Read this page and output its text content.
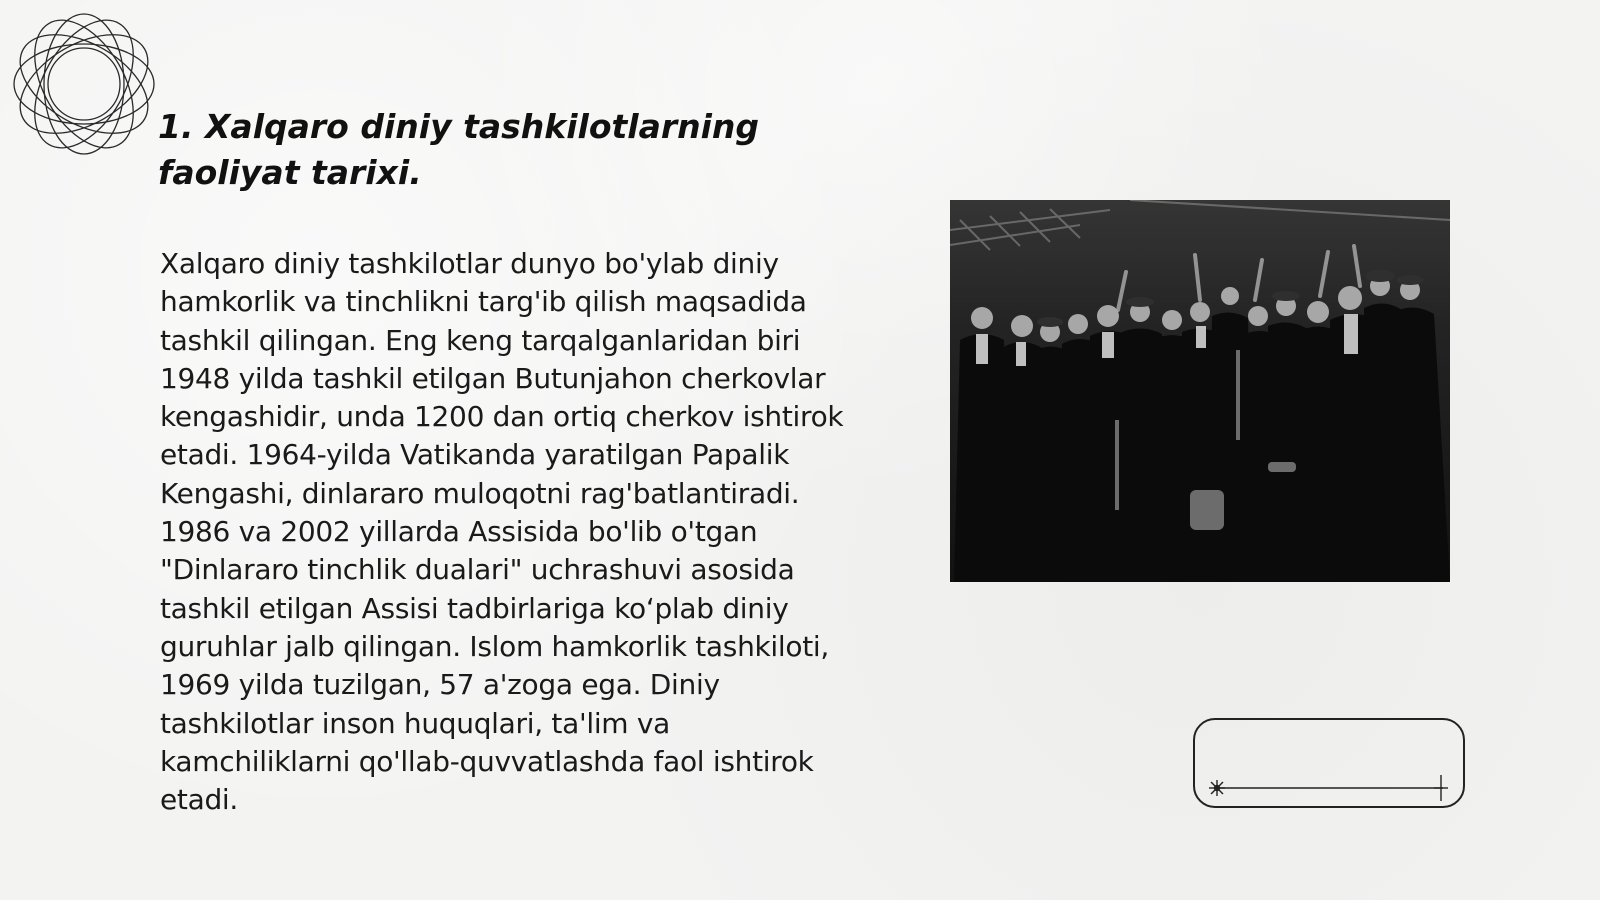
1. Xalqaro diniy tashkilotlarning faoliyat tarixi.

Xalqaro diniy tashkilotlar dunyo bo'ylab diniy hamkorlik va tinchlikni targ'ib qilish maqsadida tashkil qilingan. Eng keng tarqalganlaridan biri 1948 yilda tashkil etilgan Butunjahon cherkovlar kengashidir, unda 1200 dan ortiq cherkov ishtirok etadi. 1964-yilda Vatikanda yaratilgan Papalik Kengashi, dinlararo muloqotni rag'batlantiradi. 1986 va 2002 yillarda Assisida bo'lib o'tgan "Dinlararo tinchlik dualari" uchrashuvi asosida tashkil etilgan Assisi tadbirlariga koʻplab diniy guruhlar jalb qilingan. Islom hamkorlik tashkiloti, 1969 yilda tuzilgan, 57 a'zoga ega. Diniy tashkilotlar inson huquqlari, ta'lim va kamchiliklarni qo'llab-quvvatlashda faol ishtirok etadi.
